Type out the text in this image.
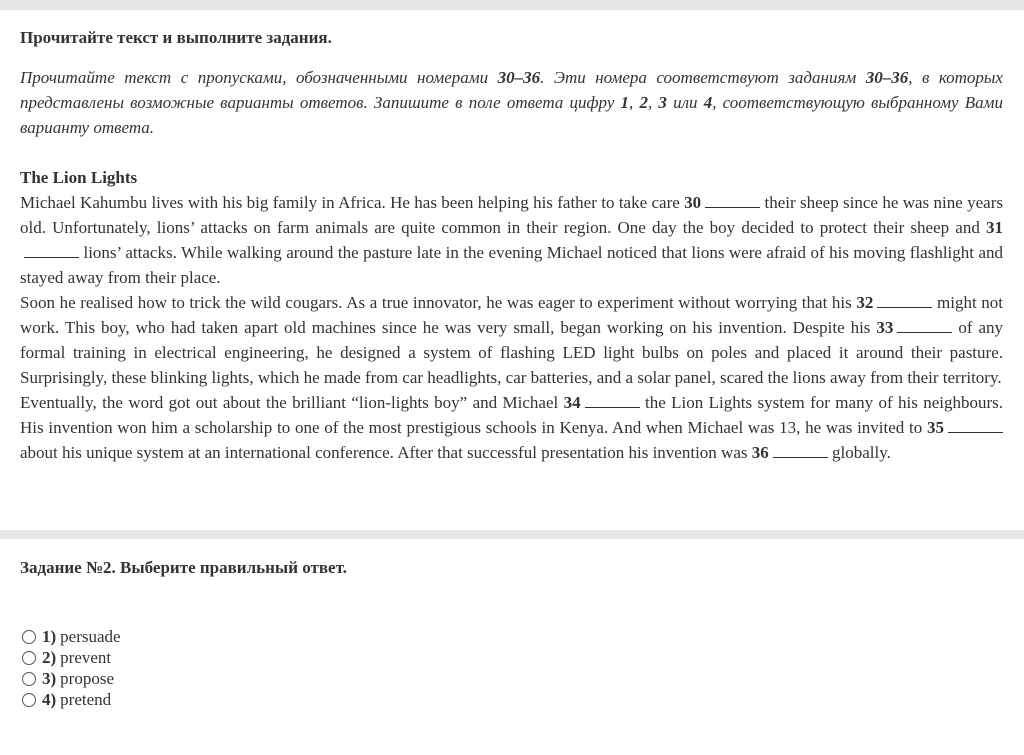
Прочитайте текст и выполните задания.
Прочитайте текст с пропусками, обозначенными номерами 30–36. Эти номера соответствуют заданиям 30–36, в которых представлены возможные варианты ответов. Запишите в поле ответа цифру 1, 2, 3 или 4, соответствующую выбранному Вами варианту ответа.
The Lion Lights
Michael Kahumbu lives with his big family in Africa. He has been helping his father to take care 30	their sheep since he was nine years old. Unfortunately, lions’ attacks on farm animals are quite common in their region. One day the boy decided to protect their sheep and 31 lions’ attacks. While walking around the pasture late in the evening Michael noticed that lions were afraid of his moving flashlight and stayed away from their place.
Soon he realised how to trick the wild cougars. As a true innovator, he was eager to experiment without worrying that his 32	might not work. This boy, who had taken apart old machines since he was very small, began working on his invention. Despite his 33	of any formal training in electrical engineering, he designed a system of flashing LED light bulbs on poles and placed it around their pasture. Surprisingly, these blinking lights, which he made from car headlights, car batteries, and a solar panel, scared the lions away from their territory.
Eventually, the word got out about the brilliant “lion-lights boy” and Michael 34	the Lion Lights system for many of his neighbours. His invention won him a scholarship to one of the most prestigious schools in Kenya. And when Michael was 13, he was invited to 35 about his unique system at an international conference. After that successful presentation his invention was 36	globally.
Задание №2. Выберите правильный ответ.
1) persuade
2) prevent
3) propose
4) pretend
